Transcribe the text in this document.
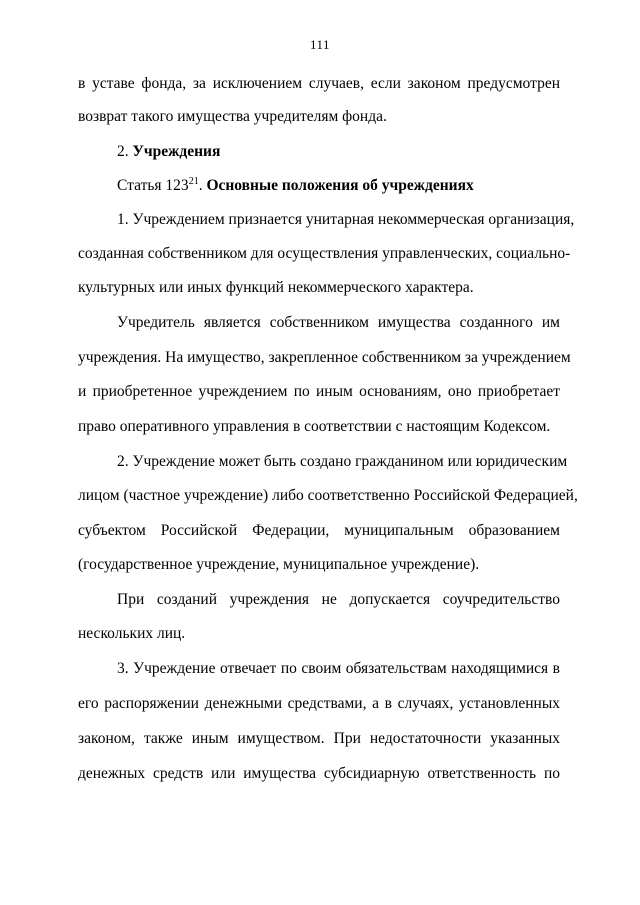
111
в уставе фонда, за исключением случаев, если законом предусмотрен
возврат такого имущества учредителям фонда.
2. Учреждения
Статья $123^{21}$. Основные положения об учреждениях
1. Учреждением признается унитарная некоммерческая организация,
созданная собственником для осуществления управленческих, социально-
культурных или иных функций некоммерческого характера.
Учредитель является собственником имущества созданного им
учреждения. На имущество, закрепленное собственником за учреждением
и приобретенное учреждением по иным основаниям, оно приобретает
право оперативного управления в соответствии с настоящим Кодексом.
2. Учреждение может быть создано гражданином или юридическим
лицом (частное учреждение) либо соответственно Российской Федерацией,
субъектом Российской Федерации, муниципальным образованием
(государственное учреждение, муниципальное учреждение).
При созданий учреждения не допускается соучредительство
нескольких лиц.
3. Учреждение отвечает по своим обязательствам находящимися в
его распоряжении денежными средствами, а в случаях, установленных
законом, также иным имуществом. При недостаточности указанных
денежных средств или имущества субсидиарную ответственность по
